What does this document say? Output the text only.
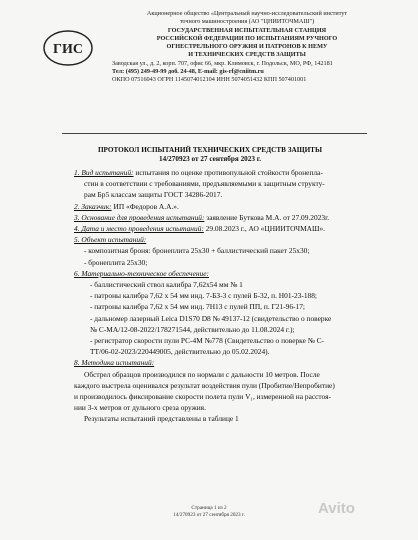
ГИС
Акционерное общество «Центральный научно-исследовательский институт
точного машиностроения (АО "ЦНИИТОЧМАШ")
ГОСУДАРСТВЕННАЯ ИСПЫТАТЕЛЬНАЯ СТАНЦИЯ
РОССИЙСКОЙ ФЕДЕРАЦИИ ПО ИСПЫТАНИЯМ РУЧНОГО
ОГНЕСТРЕЛЬНОГО ОРУЖИЯ И ПАТРОНОВ К НЕМУ
И ТЕХНИЧЕСКИХ СРЕДСТВ ЗАЩИТЫ
Заводская ул., д. 2, корп. 707, офис 66, мкр. Климовск, г. Подольск, МО, РФ, 142181
Тел: (495) 249-49-99 доб. 24-48, E-mail: gis-rf@cniitm.ru
ОКПО 07516043 ОГРН 1145074012104 ИНН 5074051432 КПП 507401001
ПРОТОКОЛ ИСПЫТАНИЙ ТЕХНИЧЕСКИХ СРЕДСТВ ЗАЩИТЫ
14/270923 от 27 сентября 2023 г.
1. Вид испытаний: испытания по оценке противопульной стойкости бронепла-
стин в соответствии с требованиями, предъявляемыми к защитным структу-
рам Бр5 классам защиты ГОСТ 34286-2017.
2. Заказчик: ИП «Федоров А.А.».
3. Основание для проведения испытаний: заявление Буткова М.А. от 27.09.2023г.
4. Дата и место проведения испытаний: 29.08.2023 г., АО «ЦНИИТОЧМАШ».
5. Объект испытаний:
- композитная броня: бронеплита 25х30 + баллистический пакет 25х30;
- бронеплита 25х30;
6. Материально-техническое обеспечение:
- баллистический ствол калибра 7,62х54 мм № 1
- патроны калибра 7,62 х 54 мм инд. 7-БЗ-3 с пулей Б-32, п. Н01-23-188;
- патроны калибра 7,62 х 54 мм инд. 7Н13 с пулей ПП, п. Г21-96-17;
- дальномер лазерный Leica D1S70 D8 № 49137-12 (свидетельство о поверке
№ С-МА/12-08-2022/178271544, действительно до 11.08.2024 г.);
- регистратор скорости пули РС-4М №778 (Свидетельство о поверке № С-
ТТ/06-02-2023/220449005, действительно до 05.02.2024).
8. Методика испытаний:
Обстрел образцов производился по нормали с дальности 10 метров. После
каждого выстрела оценивался результат воздействия пули (Пробитие/Непробитие)
и производилось фиксирование скорости полета пули V₁, измеренной на расстоя-
нии 3-х метров от дульного среза оружия.
Результаты испытаний представлены в таблице 1
Страница 1 из 2
14/270923 от 27 сентября 2023 г.	Avito
